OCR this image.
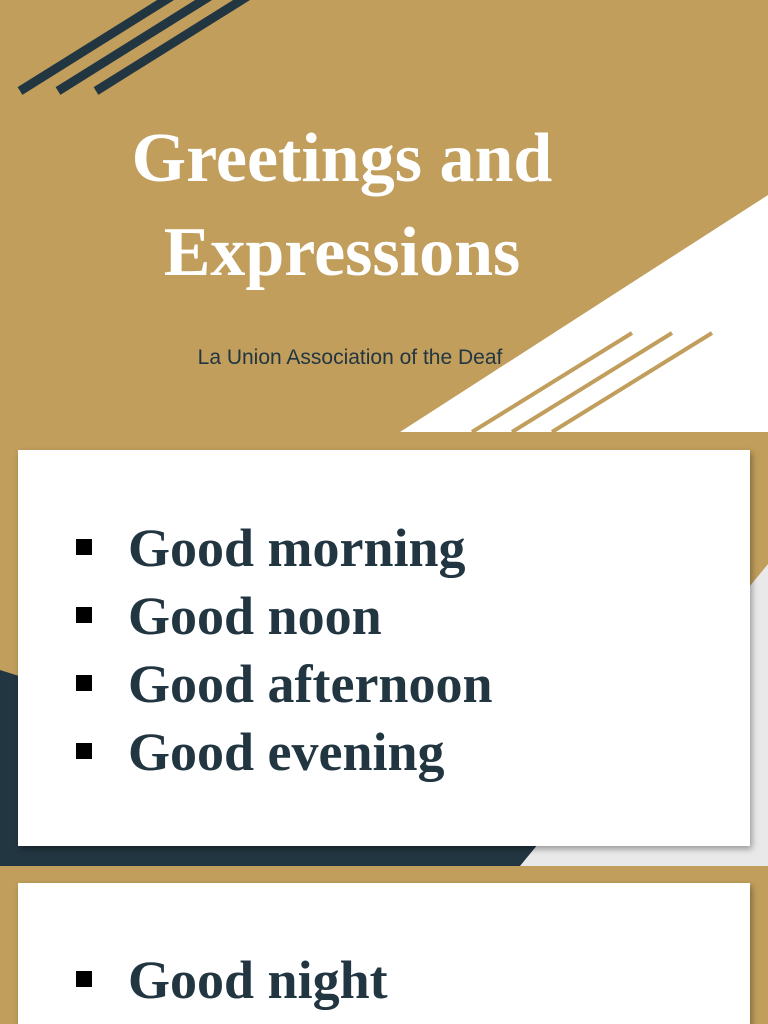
Greetings and
Expressions
La Union Association of the Deaf
Good morning
Good noon
Good afternoon
Good evening
Good night
